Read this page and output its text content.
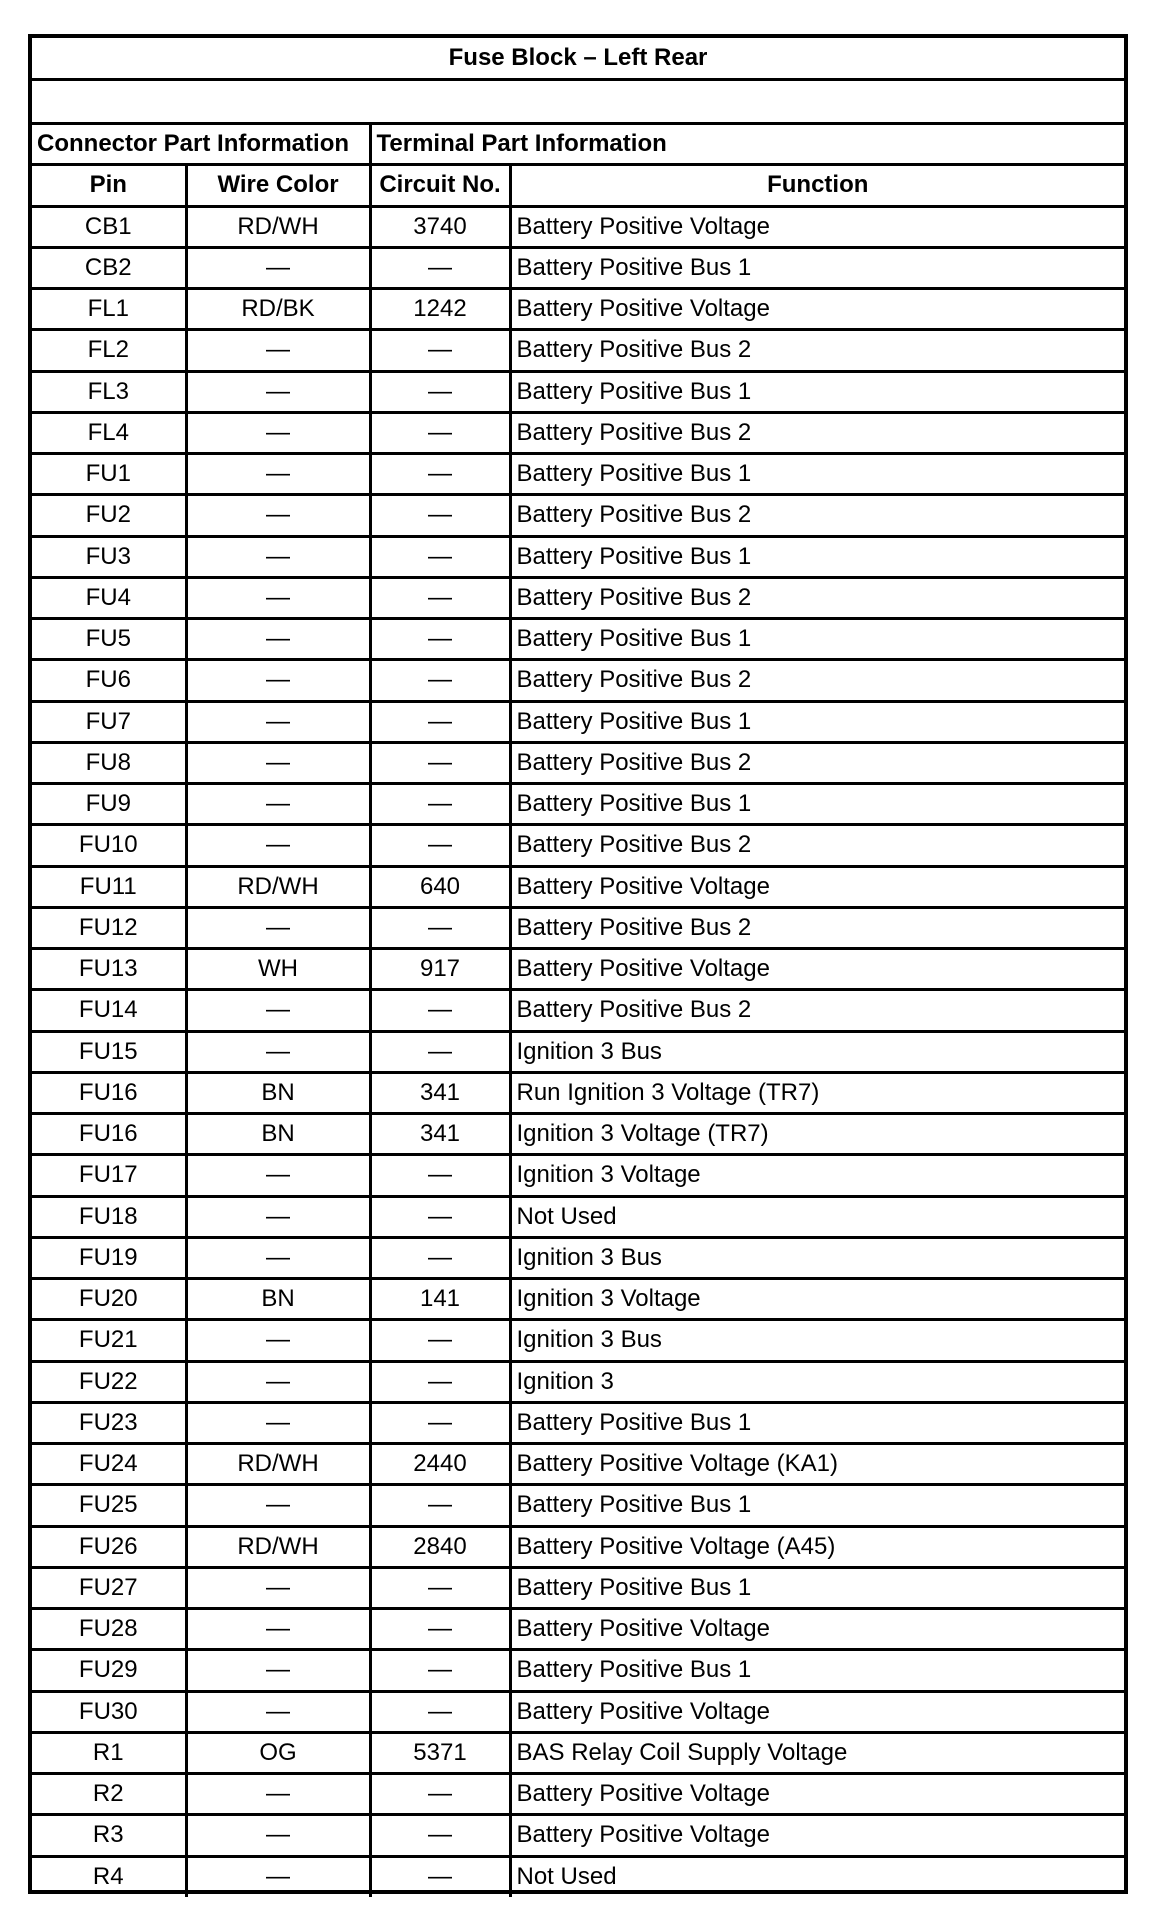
Fuse Block – Left Rear			

Connector Part Information		Terminal Part Information	
Pin	Wire Color	Circuit No.	Function
CB1	RD/WH	3740	Battery Positive Voltage
CB2	—	—	Battery Positive Bus 1
FL1	RD/BK	1242	Battery Positive Voltage
FL2	—	—	Battery Positive Bus 2
FL3	—	—	Battery Positive Bus 1
FL4	—	—	Battery Positive Bus 2
FU1	—	—	Battery Positive Bus 1
FU2	—	—	Battery Positive Bus 2
FU3	—	—	Battery Positive Bus 1
FU4	—	—	Battery Positive Bus 2
FU5	—	—	Battery Positive Bus 1
FU6	—	—	Battery Positive Bus 2
FU7	—	—	Battery Positive Bus 1
FU8	—	—	Battery Positive Bus 2
FU9	—	—	Battery Positive Bus 1
FU10	—	—	Battery Positive Bus 2
FU11	RD/WH	640	Battery Positive Voltage
FU12	—	—	Battery Positive Bus 2
FU13	WH	917	Battery Positive Voltage
FU14	—	—	Battery Positive Bus 2
FU15	—	—	Ignition 3 Bus
FU16	BN	341	Run Ignition 3 Voltage (TR7)
FU16	BN	341	Ignition 3 Voltage (TR7)
FU17	—	—	Ignition 3 Voltage
FU18	—	—	Not Used
FU19	—	—	Ignition 3 Bus
FU20	BN	141	Ignition 3 Voltage
FU21	—	—	Ignition 3 Bus
FU22	—	—	Ignition 3
FU23	—	—	Battery Positive Bus 1
FU24	RD/WH	2440	Battery Positive Voltage (KA1)
FU25	—	—	Battery Positive Bus 1
FU26	RD/WH	2840	Battery Positive Voltage (A45)
FU27	—	—	Battery Positive Bus 1
FU28	—	—	Battery Positive Voltage
FU29	—	—	Battery Positive Bus 1
FU30	—	—	Battery Positive Voltage
R1	OG	5371	BAS Relay Coil Supply Voltage
R2	—	—	Battery Positive Voltage
R3	—	—	Battery Positive Voltage
R4	—	—	Not Used
